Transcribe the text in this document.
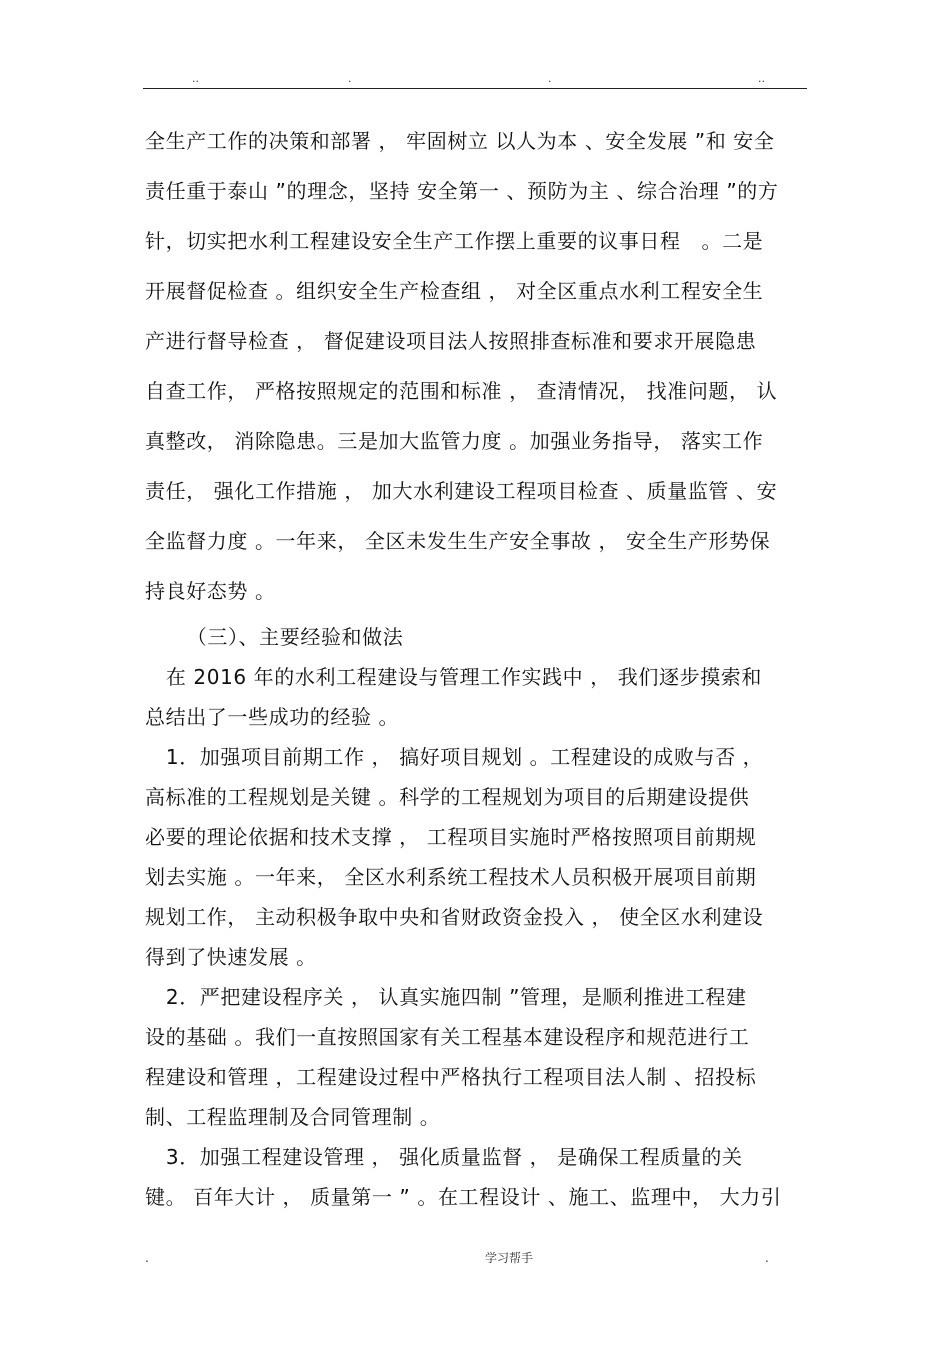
..	.	.	..
全生产工作的决策和部署 ， 牢固树立 以人为本 、安全发展 ”和 安全
责任重于泰山 ”的理念，坚持 安全第一 、预防为主 、综合治理 ”的方
针，切实把水利工程建设安全生产工作摆上重要的议事日程   。二是
开展督促检查 。组织安全生产检查组 ， 对全区重点水利工程安全生
产进行督导检查 ， 督促建设项目法人按照排查标准和要求开展隐患
自查工作， 严格按照规定的范围和标准 ， 查清情况， 找准问题， 认
真整改， 消除隐患。三是加大监管力度 。加强业务指导， 落实工作
责任， 强化工作措施 ， 加大水利建设工程项目检查 、质量监管 、安
全监督力度 。一年来， 全区未发生生产安全事故 ， 安全生产形势保
持良好态势 。
（三）、主要经验和做法
在 2016 年的水利工程建设与管理工作实践中 ， 我们逐步摸索和
总结出了一些成功的经验 。
1．加强项目前期工作 ， 搞好项目规划 。工程建设的成败与否 ，
高标准的工程规划是关键 。科学的工程规划为项目的后期建设提供
必要的理论依据和技术支撑 ， 工程项目实施时严格按照项目前期规
划去实施 。一年来， 全区水利系统工程技术人员积极开展项目前期
规划工作， 主动积极争取中央和省财政资金投入 ， 使全区水利建设
得到了快速发展 。
2．严把建设程序关 ， 认真实施四制 ”管理，是顺利推进工程建
设的基础 。我们一直按照国家有关工程基本建设程序和规范进行工
程建设和管理 ，工程建设过程中严格执行工程项目法人制 、招投标
制、工程监理制及合同管理制 。
3．加强工程建设管理 ， 强化质量监督 ， 是确保工程质量的关
键。 百年大计 ， 质量第一 ” 。在工程设计 、施工、监理中， 大力引
.	学习帮手	.
